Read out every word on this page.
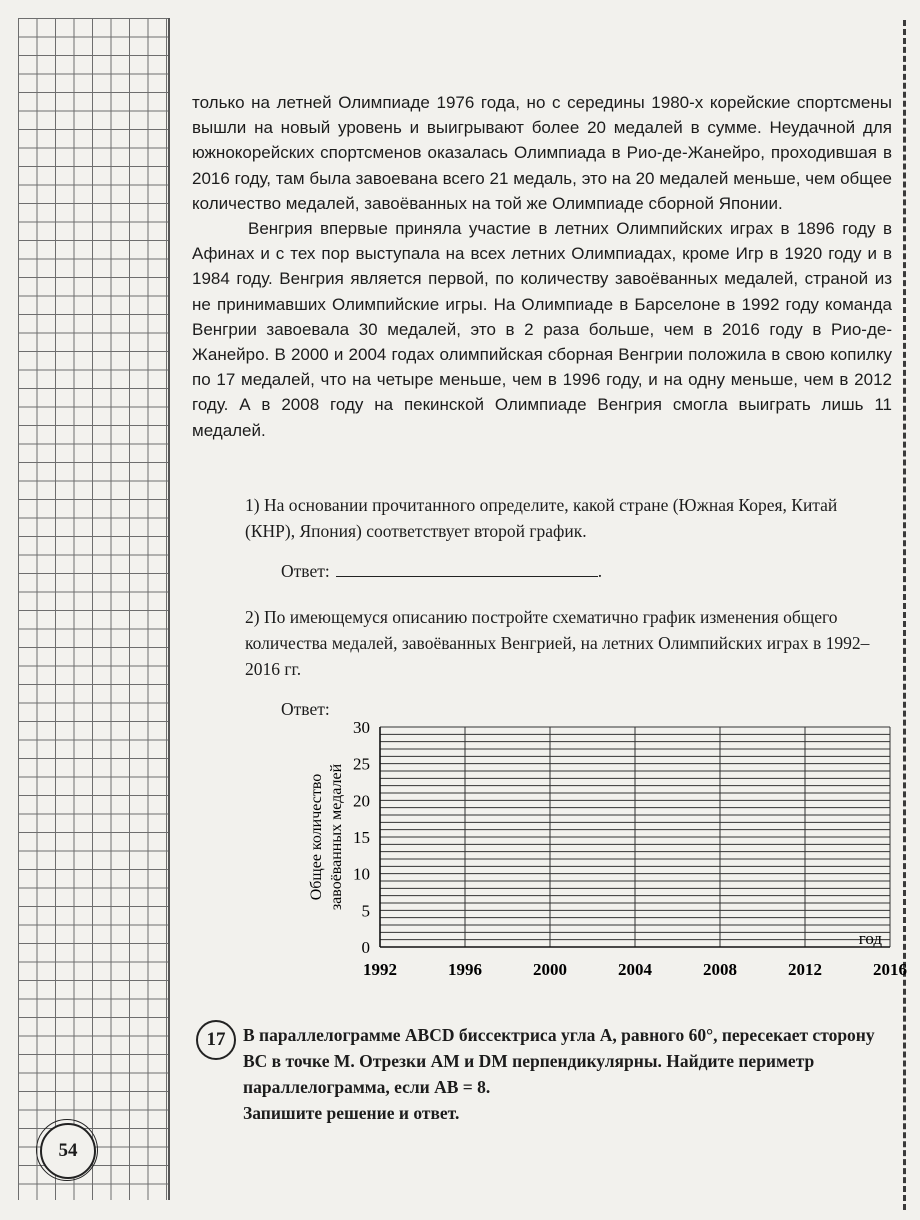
только на летней Олимпиаде 1976 года, но с середины 1980-х корейские спортсмены вышли на новый уровень и выигрывают более 20 медалей в сумме. Неудачной для южнокорейских спортсменов оказалась Олимпиада в Рио-де-Жанейро, проходившая в 2016 году, там была завоевана всего 21 медаль, это на 20 медалей меньше, чем общее количество медалей, завоёванных на той же Олимпиаде сборной Японии.

Венгрия впервые приняла участие в летних Олимпийских играх в 1896 году в Афинах и с тех пор выступала на всех летних Олимпиадах, кроме Игр в 1920 году и в 1984 году. Венгрия является первой, по количеству завоёванных медалей, страной из не принимавших Олимпийские игры. На Олимпиаде в Барселоне в 1992 году команда Венгрии завоевала 30 медалей, это в 2 раза больше, чем в 2016 году в Рио-де-Жанейро. В 2000 и 2004 годах олимпийская сборная Венгрии положила в свою копилку по 17 медалей, что на четыре меньше, чем в 1996 году, и на одну меньше, чем в 2012 году. А в 2008 году на пекинской Олимпиаде Венгрия смогла выиграть лишь 11 медалей.

1) На основании прочитанного определите, какой стране (Южная Корея, Китай (КНР), Япония) соответствует второй график.

Ответ:	.

2) По имеющемуся описанию постройте схематично график изменения общего количества медалей, завоёванных Венгрией, на летних Олимпийских играх в 1992–2016 гг.

Ответ:

0
5
10
15
20
25
30
1992	1996	2000	2004	2008	2012	2016
год
Общее количество завоёванных медалей
17	В параллелограмме ABCD биссектриса угла A, равного 60°, пересекает сторону BC в точке M. Отрезки AM и DM перпендикулярны. Найдите периметр параллелограмма, если AB = 8.

Запишите решение и ответ.

54
